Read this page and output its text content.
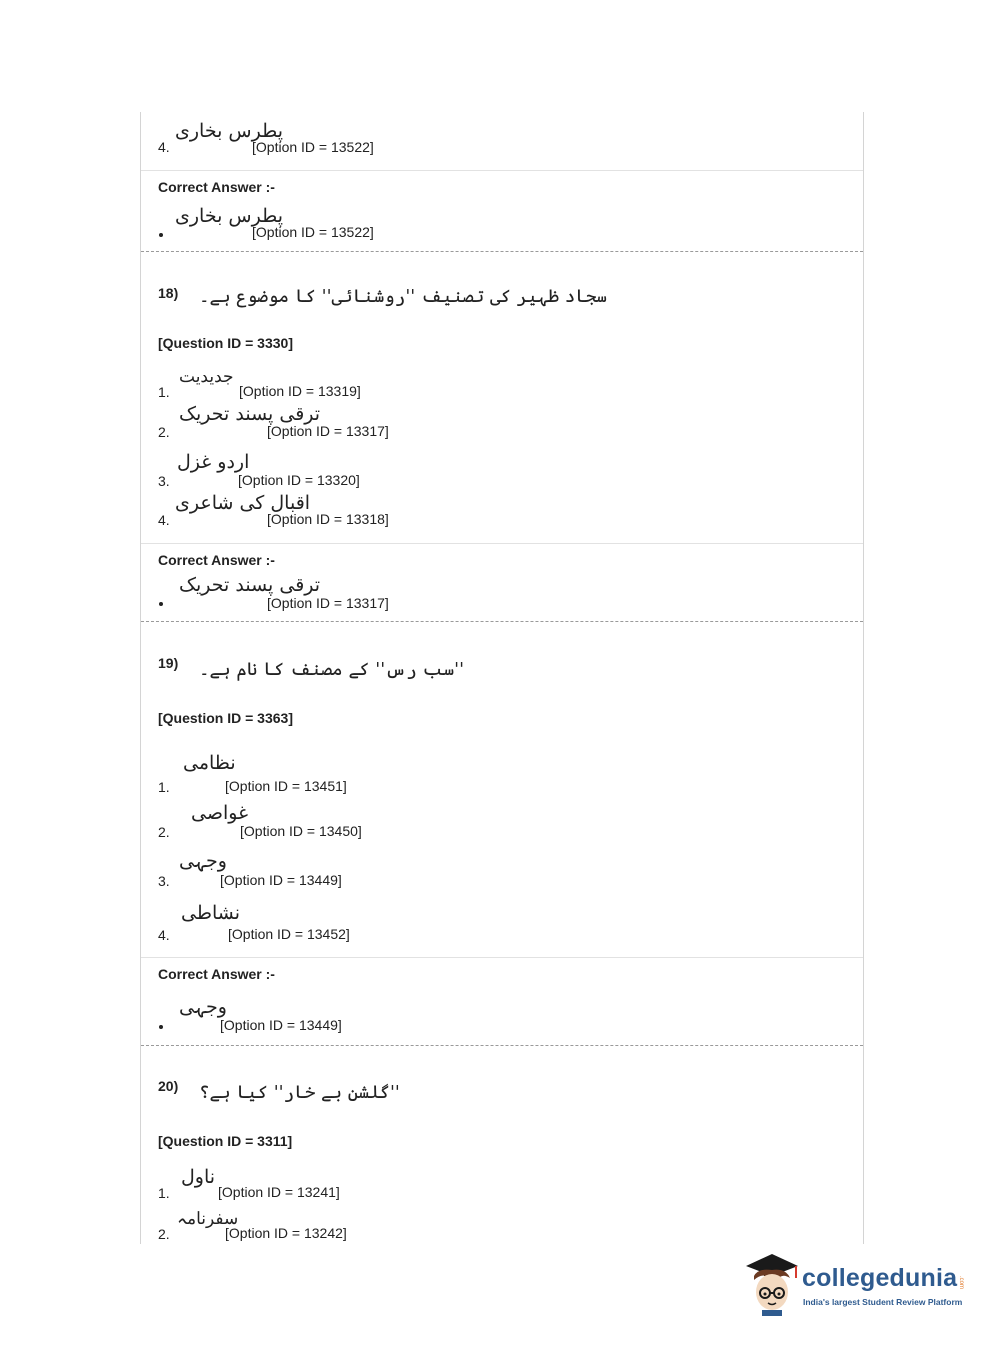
4.
پطرس بخاری
[Option ID = 13522]
Correct Answer :-
پطرس بخاری
[Option ID = 13522]
18) سجاد ظہیر کی تصنیف ''روشنائی'' کا موضوع ہے۔
[Question ID = 3330]
1.
جدیدیت
[Option ID = 13319]
2.
ترقی پسند تحریک
[Option ID = 13317]
3.
اردو غزل
[Option ID = 13320]
4.
اقبال کی شاعری
[Option ID = 13318]
Correct Answer :-
ترقی پسند تحریک
[Option ID = 13317]
19) ''سب رس'' کے مصنف کا نام ہے۔
[Question ID = 3363]
1.
نظامی
[Option ID = 13451]
2.
غواصی
[Option ID = 13450]
3.
وجہی
[Option ID = 13449]
4.
نشاطی
[Option ID = 13452]
Correct Answer :-
وجہی
[Option ID = 13449]
20) ''گلشن بے خار'' کیا ہے؟
[Question ID = 3311]
1.
ناول
[Option ID = 13241]
2.
سفرنامہ
[Option ID = 13242]
collegedunia .com
India's largest Student Review Platform
